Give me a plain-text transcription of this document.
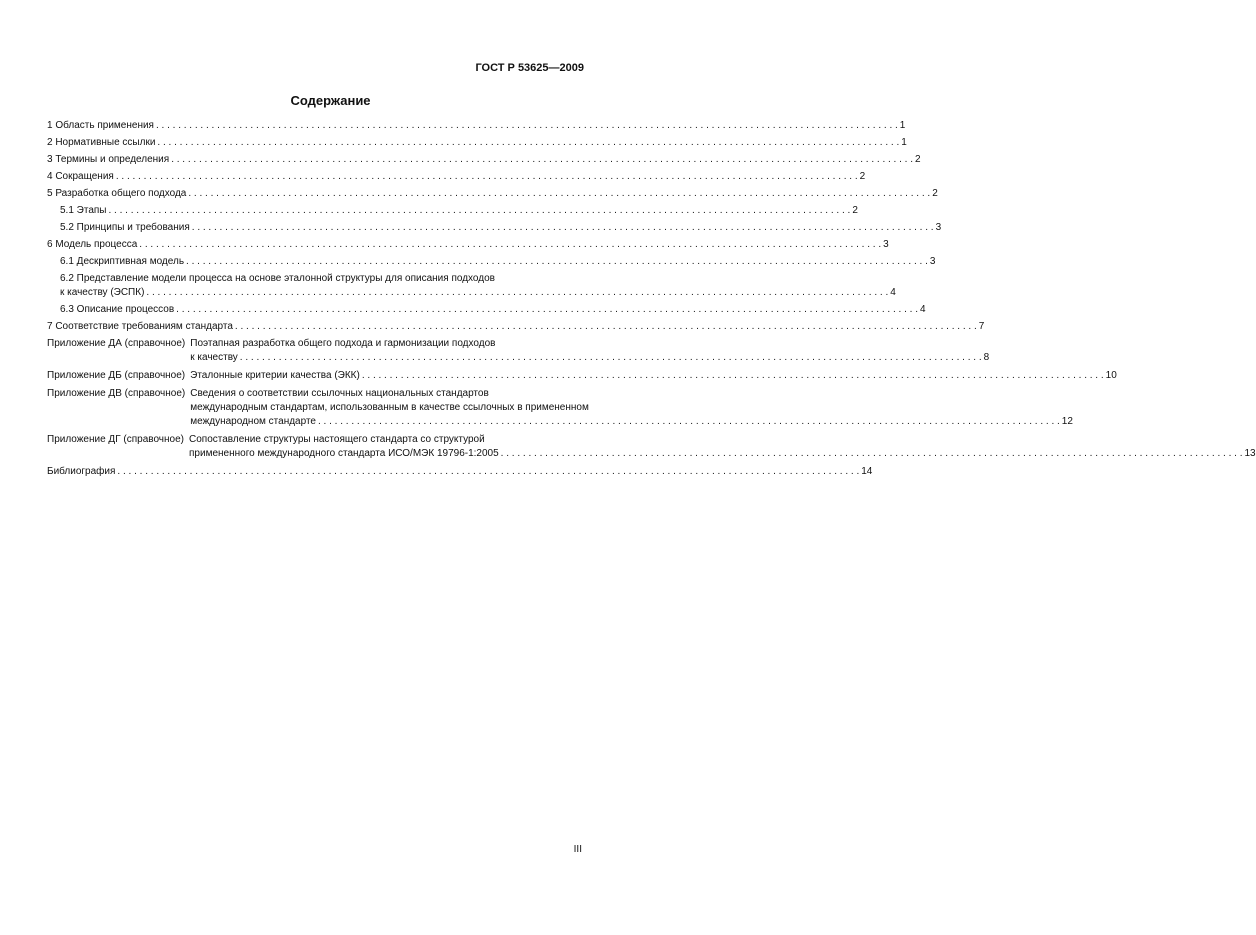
ГОСТ Р 53625—2009
Содержание
1 Область применения . . .	1
2 Нормативные ссылки . . .	1
3 Термины и определения . . .	2
4 Сокращения . . .	2
5 Разработка общего подхода . . .	2
5.1 Этапы . . .	2
5.2 Принципы и требования . . .	3
6 Модель процесса . . .	3
6.1 Дескриптивная модель . . .	3
6.2 Представление модели процесса на основе эталонной структуры для описания подходов
к качеству (ЭСПК) . . .	4
6.3 Описание процессов . . .	4
7 Соответствие требованиям стандарта . . .	7
Приложение ДА (справочное) Поэтапная разработка общего подхода и гармонизации подходов
к качеству . . .	8
Приложение ДБ (справочное) Эталонные критерии качества (ЭКК) . . .	10
Приложение ДВ (справочное) Сведения о соответствии ссылочных национальных стандартов
международным стандартам, использованным в качестве ссылочных в примененном
международном стандарте . . .	12
Приложение ДГ (справочное) Сопоставление структуры настоящего стандарта со структурой
примененного международного стандарта ИСО/МЭК 19796-1:2005 . . .	13
Библиография . . .	14
III
